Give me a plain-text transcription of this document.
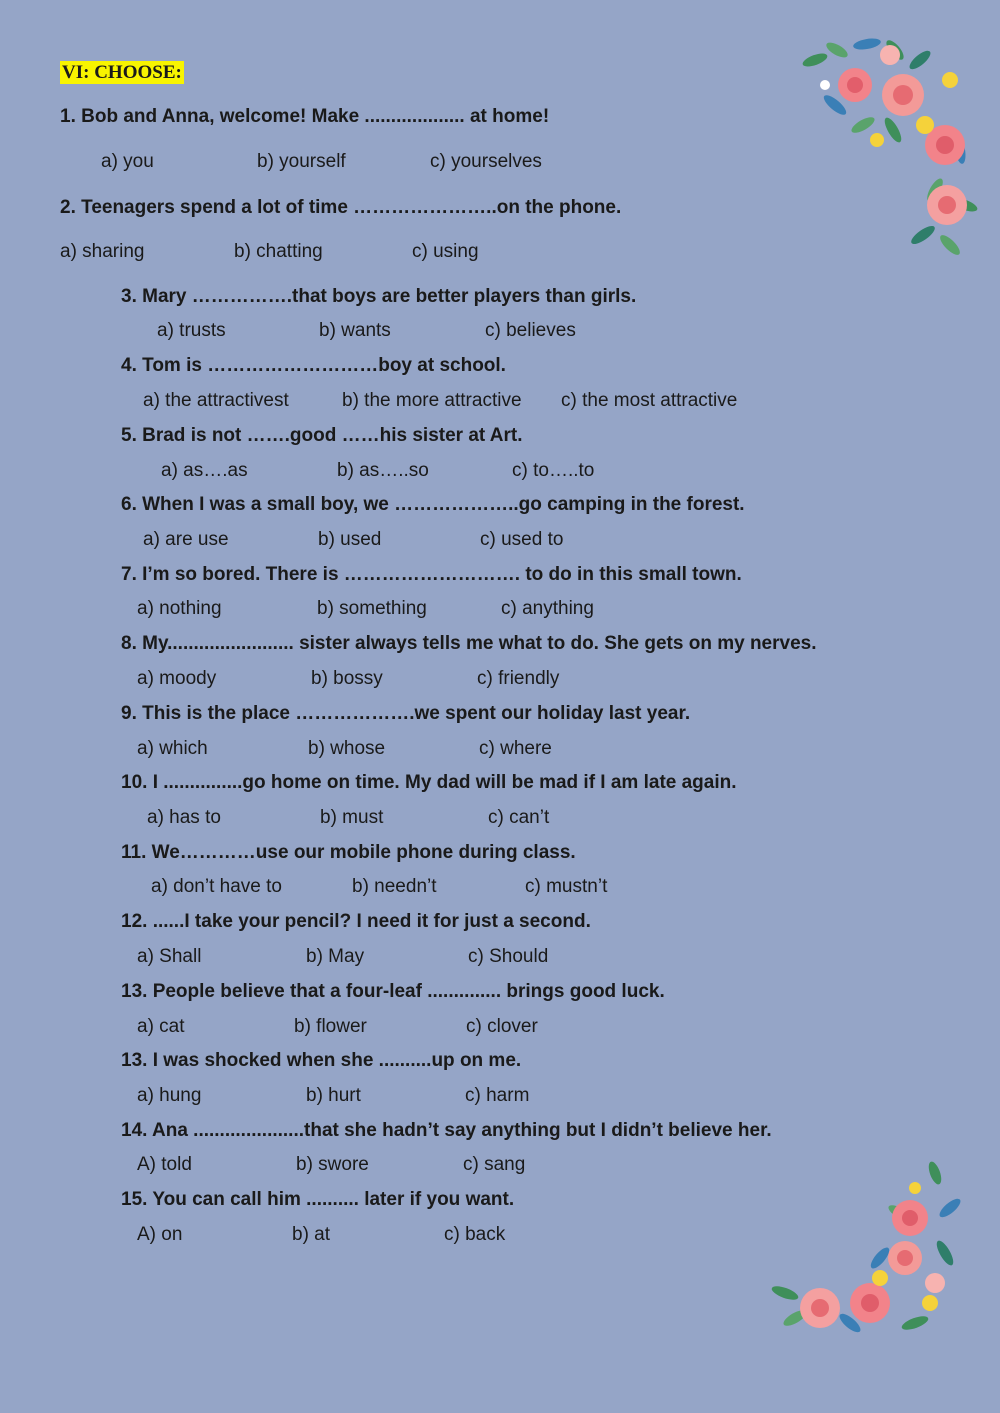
VI: CHOOSE:
1. Bob and Anna, welcome! Make ................... at home!
a) you	b) yourself	c) yourselves
2. Teenagers spend a lot of time …………………..on the phone.
a) sharing	b) chatting	c) using
3. Mary …………….that boys are better players than girls.
a) trusts	b) wants	c) believes
4. Tom is ………………………boy at school.
a) the attractivest	b) the more attractive c) the most attractive
5. Brad is not …….good ……his sister at Art.
a) as….as	b) as…..so	c) to…..to
6. When I was a small boy, we ………………..go camping in the forest.
a) are use	b) used	c) used to
7. I’m so bored. There is ………………………. to do in this small town.
a) nothing	b) something	c) anything
8. My........................ sister always tells me what to do. She gets on my nerves.
a) moody	b) bossy	c) friendly
9. This is the place ……………….we spent our holiday last year.
a) which	b) whose	c) where
10. I ...............go home on time. My dad will be mad if I am late again.
a) has to	b) must	c) can’t
11. We…………use our mobile phone during class.
a) don’t have to	b) needn’t	c) mustn’t
12. ......I take your pencil? I need it for just a second.
a) Shall	b) May	c) Should
13. People believe that a four-leaf .............. brings good luck.
a) cat	b) flower	c) clover
13. I was shocked when she ..........up on me.
a) hung	b) hurt	c) harm
14. Ana .....................that she hadn’t say anything but I didn’t believe her.
A) told	b) swore	c) sang
15. You can call him .......... later if you want.
A) on	b) at	c) back
